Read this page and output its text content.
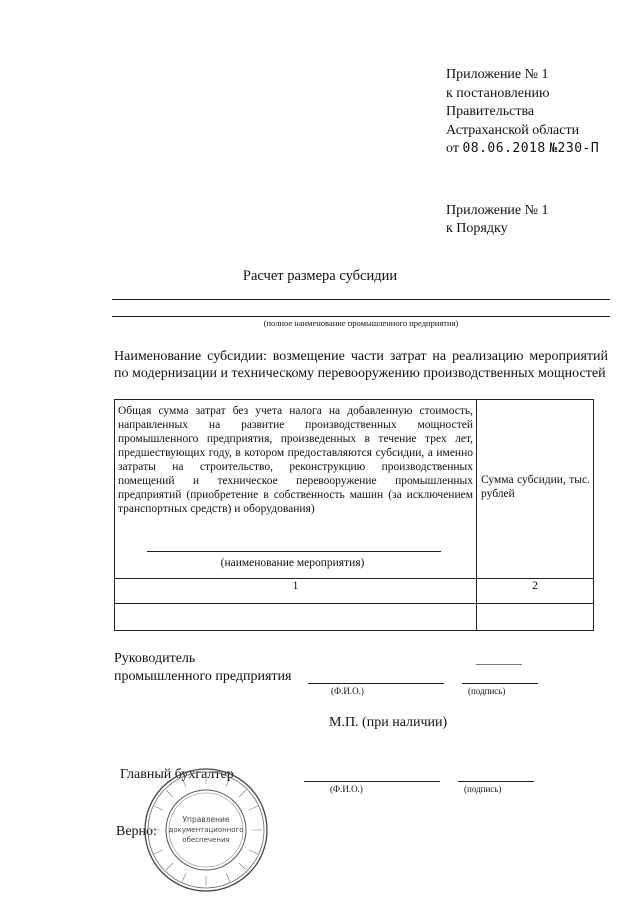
Приложение № 1
к постановлению
Правительства
Астраханской области
от 08.06.2018 №230-П
Приложение № 1
к Порядку
Расчет размера субсидии
(полное наименование промышленного предприятия)
Наименование субсидии: возмещение части затрат на реализацию мероприятий по модернизации и техническому перевооружению производственных мощностей
Общая сумма затрат без учета налога на добавленную стоимость, направленных на развитие производственных мощностей промышленного предприятия, произведенных в течение трех лет, предшествующих году, в котором предоставляются субсидии, а именно затраты на строительство, реконструкцию производственных помещений и техническое перевооружение промышленных предприятий (приобретение в собственность машин (за исключением транспортных средств) и оборудования)
(наименование мероприятия)	Сумма субсидии, тыс. рублей
1	2

Руководитель
промышленного предприятия
(Ф.И.О.)	(подпись)
М.П. (при наличии)
Главный бухгалтер
(Ф.И.О.)	(подпись)
Верно:
Управление
документационного
обеспечения
